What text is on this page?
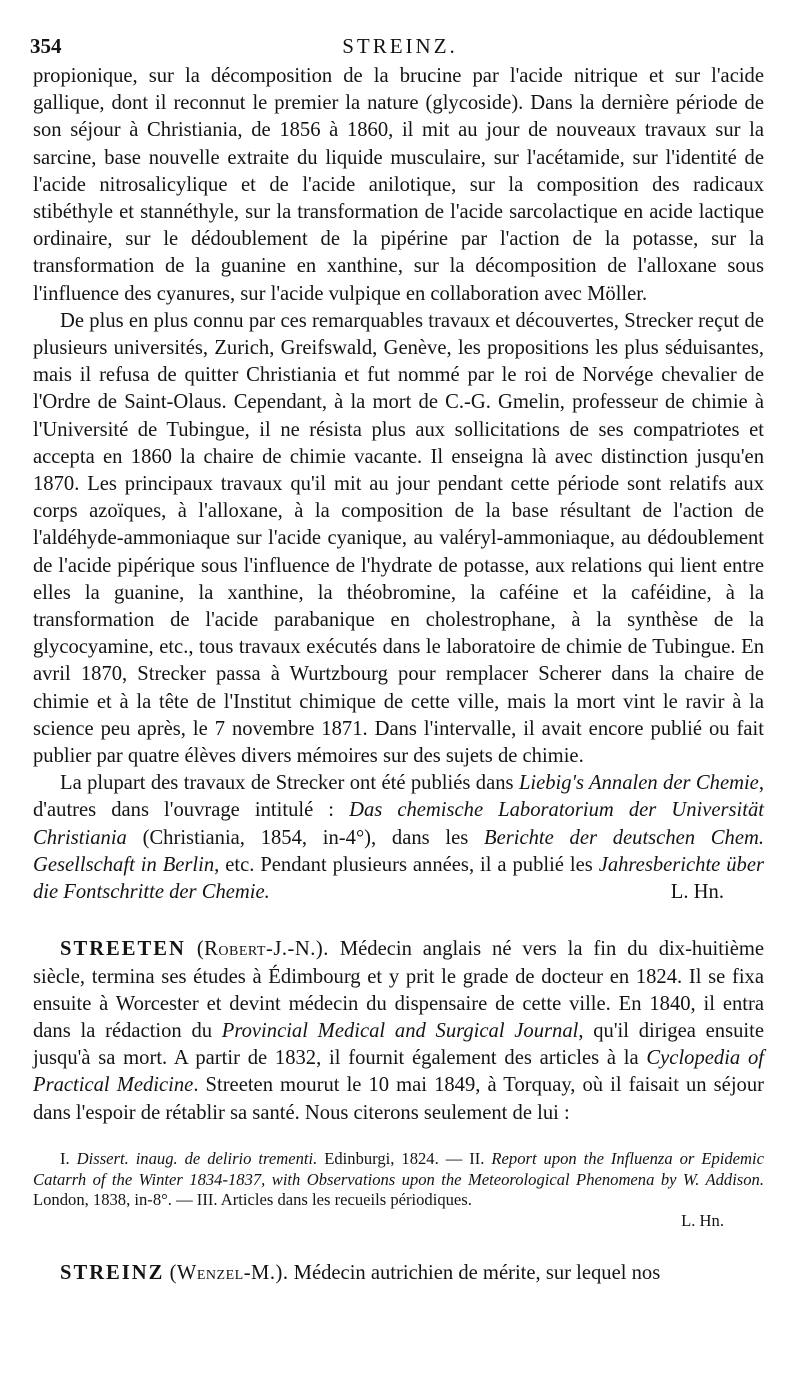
354	STREINZ.

propionique, sur la décomposition de la brucine par l'acide nitrique et sur l'acide gallique, dont il reconnut le premier la nature (glycoside). Dans la dernière période de son séjour à Christiania, de 1856 à 1860, il mit au jour de nouveaux travaux sur la sarcine, base nouvelle extraite du liquide musculaire, sur l'acétamide, sur l'identité de l'acide nitrosalicylique et de l'acide anilotique, sur la composition des radicaux stibéthyle et stannéthyle, sur la transformation de l'acide sarcolactique en acide lactique ordinaire, sur le dédoublement de la pipérine par l'action de la potasse, sur la transformation de la guanine en xanthine, sur la décomposition de l'alloxane sous l'influence des cyanures, sur l'acide vulpique en collaboration avec Möller.

De plus en plus connu par ces remarquables travaux et découvertes, Strecker reçut de plusieurs universités, Zurich, Greifswald, Genève, les propositions les plus séduisantes, mais il refusa de quitter Christiania et fut nommé par le roi de Norvége chevalier de l'Ordre de Saint-Olaus. Cependant, à la mort de C.-G. Gmelin, professeur de chimie à l'Université de Tubingue, il ne résista plus aux sollicitations de ses compatriotes et accepta en 1860 la chaire de chimie vacante. Il enseigna là avec distinction jusqu'en 1870. Les principaux travaux qu'il mit au jour pendant cette période sont relatifs aux corps azoïques, à l'alloxane, à la composition de la base résultant de l'action de l'aldéhyde-ammoniaque sur l'acide cyanique, au valéryl-ammoniaque, au dédoublement de l'acide pipérique sous l'influence de l'hydrate de potasse, aux relations qui lient entre elles la guanine, la xanthine, la théobromine, la caféine et la caféidine, à la transformation de l'acide parabanique en cholestrophane, à la synthèse de la glycocyamine, etc., tous travaux exécutés dans le laboratoire de chimie de Tubingue. En avril 1870, Strecker passa à Wurtzbourg pour remplacer Scherer dans la chaire de chimie et à la tête de l'Institut chimique de cette ville, mais la mort vint le ravir à la science peu après, le 7 novembre 1871. Dans l'intervalle, il avait encore publié ou fait publier par quatre élèves divers mémoires sur des sujets de chimie.

La plupart des travaux de Strecker ont été publiés dans Liebig's Annalen der Chemie, d'autres dans l'ouvrage intitulé : Das chemische Laboratorium der Universität Christiania (Christiania, 1854, in-4°), dans les Berichte der deutschen Chem. Gesellschaft in Berlin, etc. Pendant plusieurs années, il a publié les Jahresberichte über die Fontschritte der Chemie.	L. Hn.

STREETEN (Robert-J.-N.). Médecin anglais né vers la fin du dix-huitième siècle, termina ses études à Édimbourg et y prit le grade de docteur en 1824. Il se fixa ensuite à Worcester et devint médecin du dispensaire de cette ville. En 1840, il entra dans la rédaction du Provincial Medical and Surgical Journal, qu'il dirigea ensuite jusqu'à sa mort. A partir de 1832, il fournit également des articles à la Cyclopedia of Practical Medicine. Streeten mourut le 10 mai 1849, à Torquay, où il faisait un séjour dans l'espoir de rétablir sa santé. Nous citerons seulement de lui :

I. Dissert. inaug. de delirio trementi. Edinburgi, 1824. — II. Report upon the Influenza or Epidemic Catarrh of the Winter 1834-1837, with Observations upon the Meteorological Phenomena by W. Addison. London, 1838, in-8°. — III. Articles dans les recueils périodiques.
L. Hn.

STREINZ (Wenzel-M.). Médecin autrichien de mérite, sur lequel nos
